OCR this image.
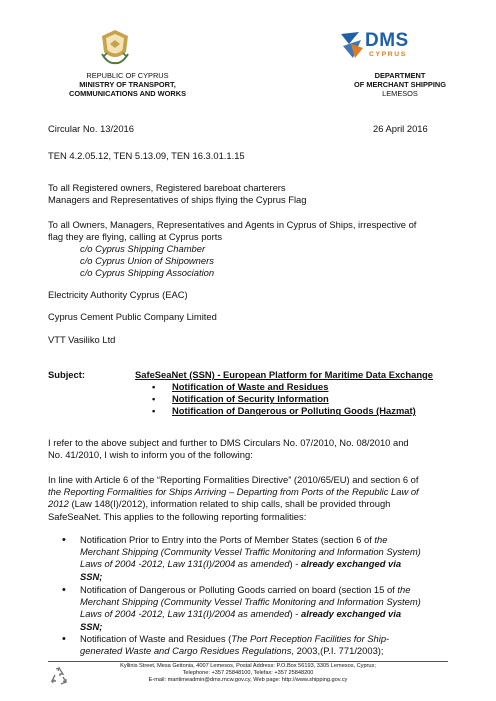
REPUBLIC OF CYPRUS
MINISTRY OF TRANSPORT,
COMMUNICATIONS AND WORKS
DMS
CYPRUS
DEPARTMENT
OF MERCHANT SHIPPING
LEMESOS
Circular No. 13/2016	26 April 2016
TEN 4.2.05.12, TEN 5.13.09, TEN 16.3.01.1.15
To all Registered owners, Registered bareboat charterers
Managers and Representatives of ships flying the Cyprus Flag
To all Owners, Managers, Representatives and Agents in Cyprus of Ships, irrespective of
flag they are flying, calling at Cyprus ports
c/o Cyprus Shipping Chamber
c/o Cyprus Union of Shipowners
c/o Cyprus Shipping Association
Electricity Authority Cyprus (EAC)
Cyprus Cement Public Company Limited
VTT Vasiliko Ltd
Subject:	SafeSeaNet (SSN) - European Platform for Maritime Data Exchange
• Notification of Waste and Residues
• Notification of Security Information
• Notification of Dangerous or Polluting Goods (Hazmat)
I refer to the above subject and further to DMS Circulars No. 07/2010, No. 08/2010 and
No. 41/2010, I wish to inform you of the following:
In line with Article 6 of the “Reporting Formalities Directive” (2010/65/EU) and section 6 of
the Reporting Formalities for Ships Arriving – Departing from Ports of the Republic Law of
2012 (Law 148(I)/2012), information related to ship calls, shall be provided through
SafeSeaNet. This applies to the following reporting formalities:
• Notification Prior to Entry into the Ports of Member States (section 6 of the
Merchant Shipping (Community Vessel Traffic Monitoring and Information System)
Laws of 2004 -2012, Law 131(I)/2004 as amended) - already exchanged via
SSN;
• Notification of Dangerous or Polluting Goods carried on board (section 15 of the
Merchant Shipping (Community Vessel Traffic Monitoring and Information System)
Laws of 2004 -2012, Law 131(I)/2004 as amended) - already exchanged via
SSN;
• Notification of Waste and Residues (The Port Reception Facilities for Ship-
generated Waste and Cargo Residues Regulations, 2003,(P.I. 771/2003);
Kyllinis Street, Mesa Geitonia, 4007 Lemesos, Postal Address: P.O.Box 56193, 3305 Lemesos, Cyprus;
Telephone: +357 25848100, Telefax: +357 25848200
E-mail: maritimeadmin@dms.mcw.gov.cy, Web page: http://www.shipping.gov.cy
